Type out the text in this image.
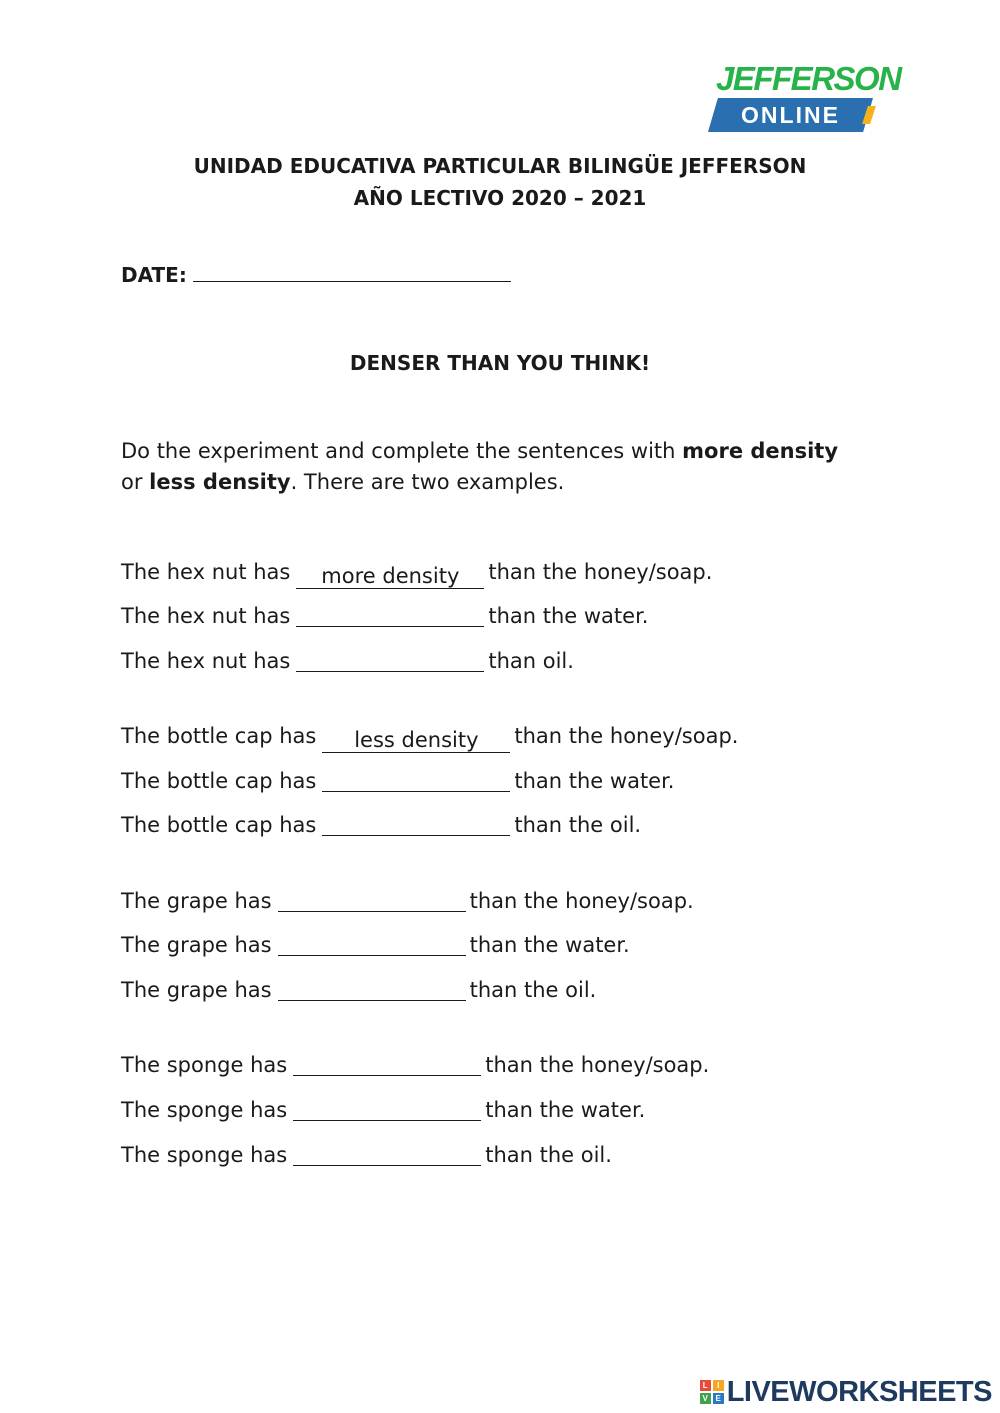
JEFFERSON
ONLINE
UNIDAD EDUCATIVA PARTICULAR BILINGÜE JEFFERSON
AÑO LECTIVO 2020 – 2021
DATE:
DENSER THAN YOU THINK!
Do the experiment and complete the sentences with more density or less density. There are two examples.
The hex nut has more density than the honey/soap.
The hex nut has	than the water.
The hex nut has	than oil.
The bottle cap has less density than the honey/soap.
The bottle cap has	than the water.
The bottle cap has	than the oil.
The grape has	than the honey/soap.
The grape has	than the water.
The grape has	than the oil.
The sponge has	than the honey/soap.
The sponge has	than the water.
The sponge has	than the oil.
L	I
V E LIVEWORKSHEETS
